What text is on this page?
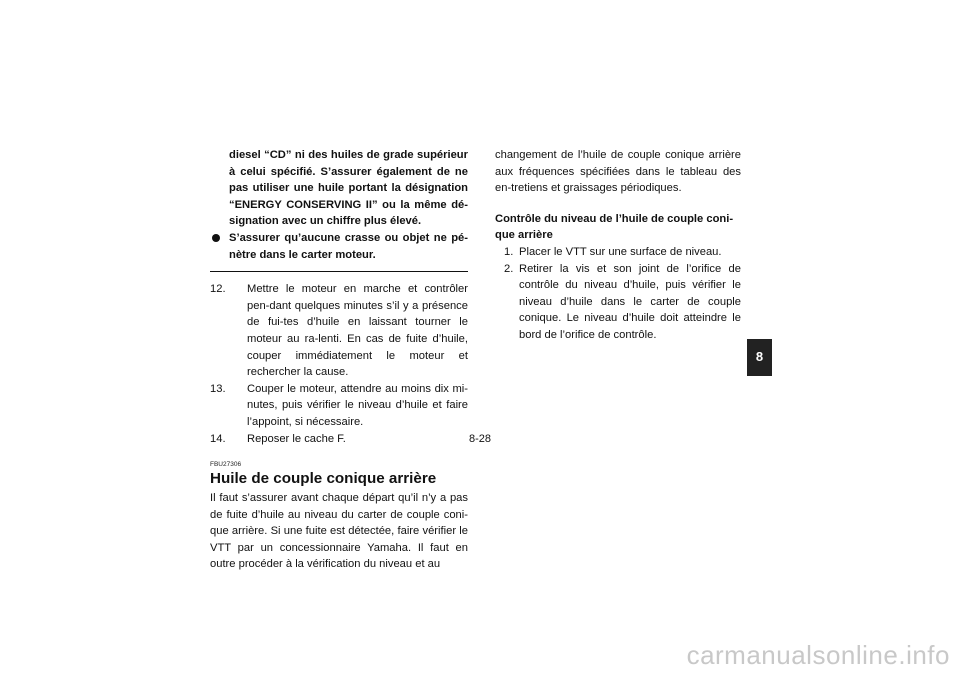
diesel “CD” ni des huiles de grade supérieur à celui spécifié. S’assurer également de ne pas utiliser une huile portant la désignation “ENERGY CONSERVING II” ou la même dé-signation avec un chiffre plus élevé.
S’assurer qu’aucune crasse ou objet ne pé-nètre dans le carter moteur.
12. Mettre le moteur en marche et contrôler pen-dant quelques minutes s’il y a présence de fui-tes d’huile en laissant tourner le moteur au ra-lenti. En cas de fuite d’huile, couper immédiatement le moteur et rechercher la cause.
13. Couper le moteur, attendre au moins dix mi-nutes, puis vérifier le niveau d’huile et faire l’appoint, si nécessaire.
14. Reposer le cache F.
FBU27306
Huile de couple conique arrière
Il faut s’assurer avant chaque départ qu’il n’y a pas de fuite d’huile au niveau du carter de couple coni-que arrière. Si une fuite est détectée, faire vérifier le VTT par un concessionnaire Yamaha. Il faut en outre procéder à la vérification du niveau et au
changement de l’huile de couple conique arrière aux fréquences spécifiées dans le tableau des en-tretiens et graissages périodiques.
Contrôle du niveau de l’huile de couple coni-que arrière
1. Placer le VTT sur une surface de niveau.
2. Retirer la vis et son joint de l’orifice de contrôle du niveau d’huile, puis vérifier le niveau d’huile dans le carter de couple conique. Le niveau d’huile doit atteindre le bord de l’orifice de contrôle.
8
8-28
carmanualsonline.info
